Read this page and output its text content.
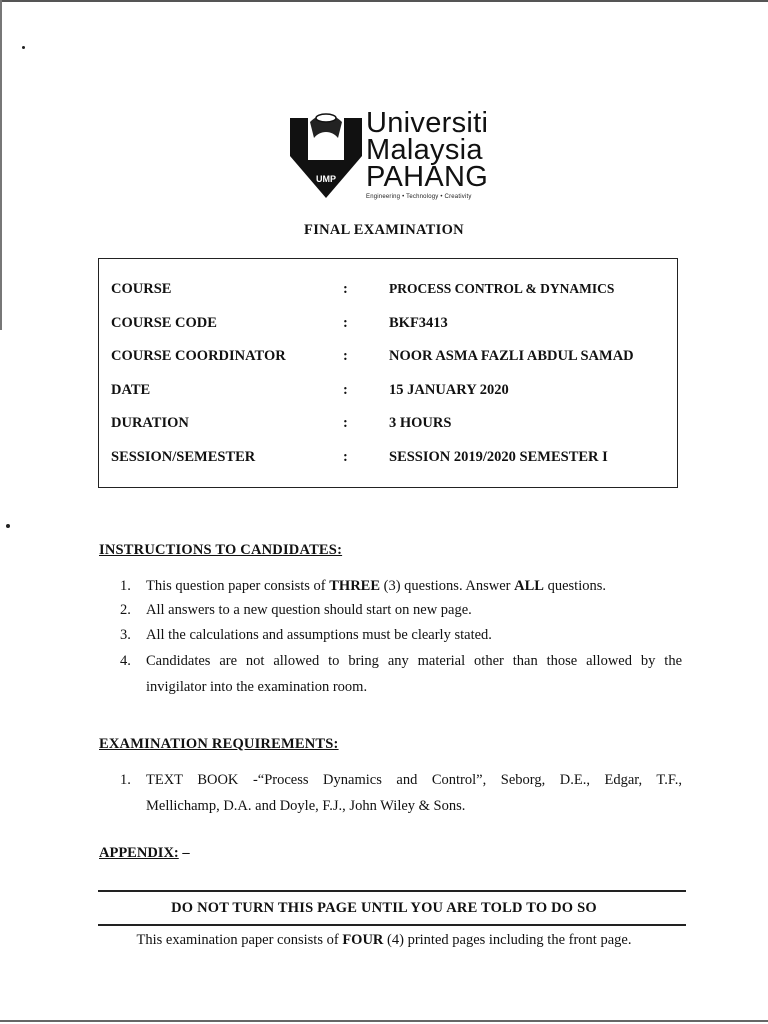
UMP
Universiti
Malaysia
PAHANG
Engineering • Technology • Creativity
FINAL EXAMINATION
COURSE	:	PROCESS CONTROL & DYNAMICS
COURSE CODE	:	BKF3413
COURSE COORDINATOR	:	NOOR ASMA FAZLI ABDUL SAMAD
DATE	:	15 JANUARY 2020
DURATION	:	3 HOURS
SESSION/SEMESTER	:	SESSION 2019/2020 SEMESTER I
INSTRUCTIONS TO CANDIDATES:
1. This question paper consists of THREE (3) questions. Answer ALL questions.
2. All answers to a new question should start on new page.
3. All the calculations and assumptions must be clearly stated.
4. Candidates are not allowed to bring any material other than those allowed by the
invigilator into the examination room.
EXAMINATION REQUIREMENTS:
1. TEXT BOOK -“Process Dynamics and Control”, Seborg, D.E., Edgar, T.F.,
Mellichamp, D.A. and Doyle, F.J., John Wiley & Sons.
APPENDIX: –
DO NOT TURN THIS PAGE UNTIL YOU ARE TOLD TO DO SO
This examination paper consists of FOUR (4) printed pages including the front page.
